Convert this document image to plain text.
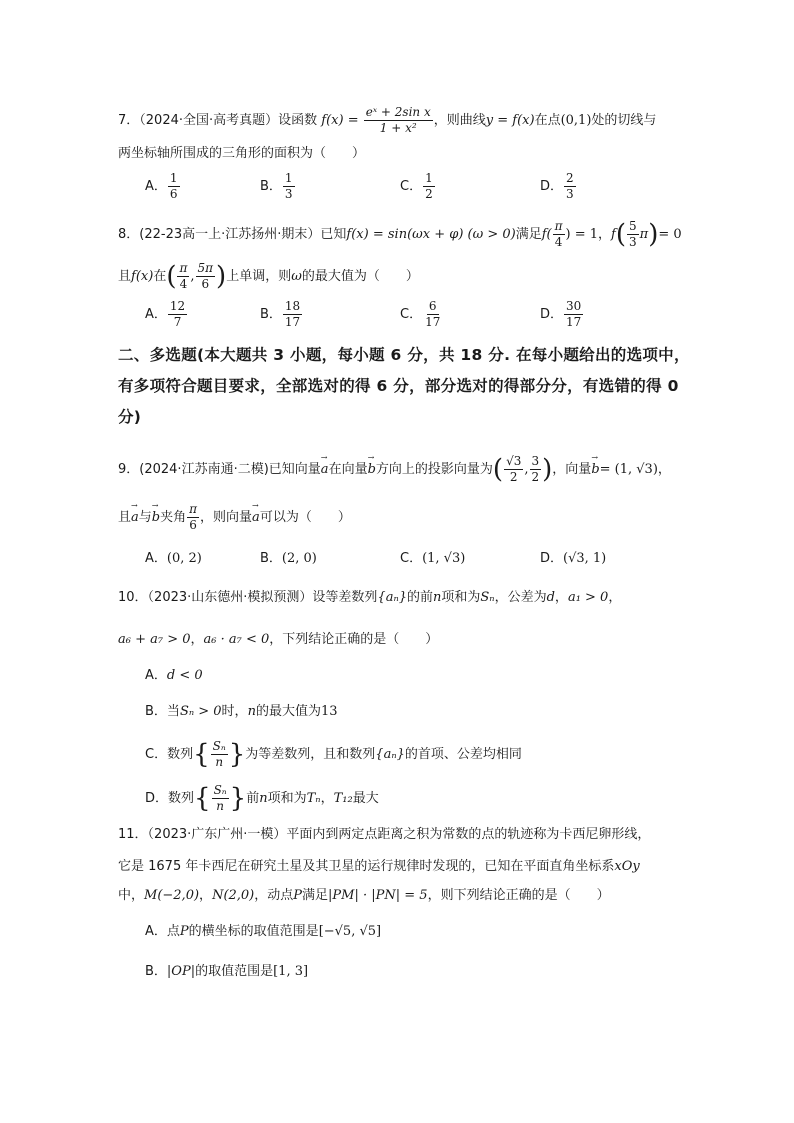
7．（2024·全国·高考真题）设函数 $f(x) = \frac{\text{eˣ + 2sin x}}{\text{1 + x²}}$ ，则曲线y = f(x)在点(0,1)处的切线与
两坐标轴所围成的三角形的面积为（　　）
A． $\frac{1}{6}$	B． $\frac{1}{3}$	C． $\frac{1}{2}$	D． $\frac{2}{3}$
8．(22-23高一上·江苏扬州·期末）已知f(x) = sin(ωx + φ) (ω > 0)满足$f( \frac{\pi}{4}$ ) = 1，$f( \frac{5}{3} \pi)= 0$
且f(x)在( $\frac{\pi}{4}$ , $\frac{5\pi}{6}$ )上单调，则ω的最大值为（　　）
A． $\frac{12}{7}$	B． $\frac{18}{17}$	C． $\frac{6}{17}$	D． $\frac{30}{17}$
二、多选题(本大题共 3 小题，每小题 6 分，共 18 分. 在每小题给出的选项中，
有多项符合题目要求，全部选对的得 6 分，部分选对的得部分分，有选错的得 0
分)
9．(2024·江苏南通·二模)已知向量→ a在向量→ b方向上的投影向量为( $\frac{√3}{2}$ , $\frac{3}{2}$ )，向量→ b= (1, √3)，
且→ a与→ b夹角 $\frac{\pi}{6}$ ，则向量→ a可以为（　　）
A．(0, 2)	B．(2, 0)	C．(1, √3)	D．(√3, 1)
10．（2023·山东德州·模拟预测）设等差数列{aₙ}的前n项和为Sₙ，公差为d，a₁ > 0，
a₆ + a₇ > 0，a₆ · a₇ < 0，下列结论正确的是（　　）
A．d < 0
B．当Sₙ > 0时，n的最大值为13
C．数列{ $\frac{\text{Sₙ}}{n}$ }为等差数列，且和数列{aₙ}的首项、公差均相同
D．数列{ $\frac{\text{Sₙ}}{n}$ }前n项和为Tₙ，T₁₂最大
11．（2023·广东广州·一模）平面内到两定点距离之积为常数的点的轨迹称为卡西尼卵形线，
它是 1675 年卡西尼在研究土星及其卫星的运行规律时发现的，已知在平面直角坐标系xOy
中，M(−2,0)，N(2,0)，动点P满足|PM| · |PN| = 5，则下列结论正确的是（　　）
A．点P的横坐标的取值范围是[−√5, √5]
B．|OP|的取值范围是[1, 3]
